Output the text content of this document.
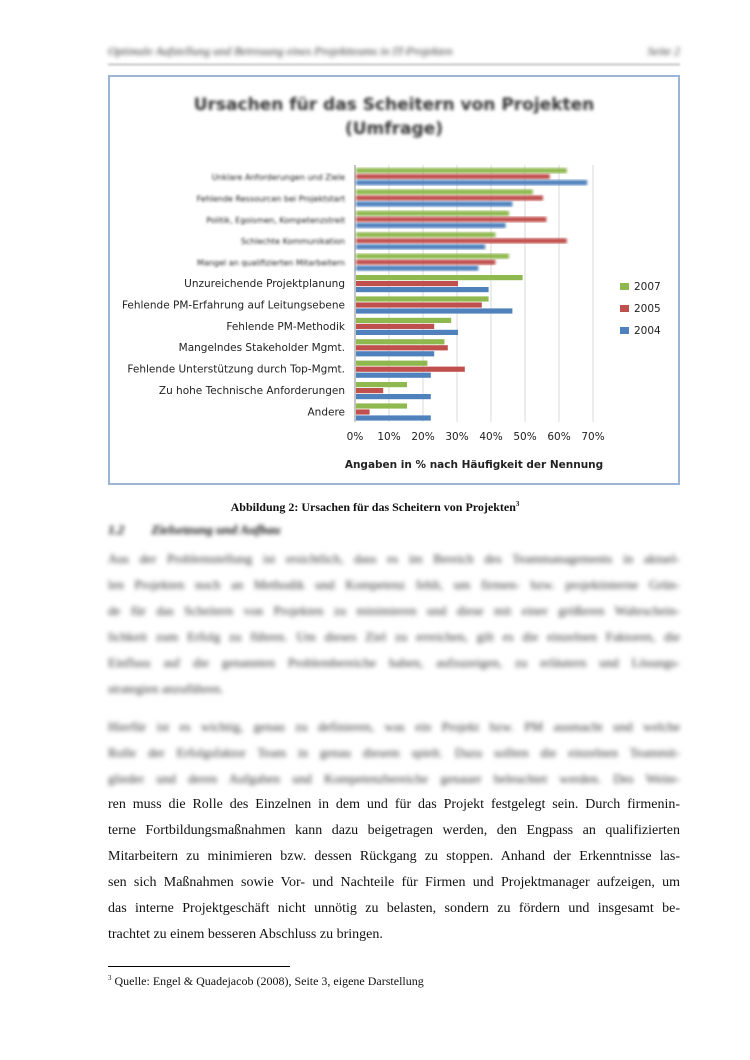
Optimale Aufstellung und Betreuung eines Projektteams in IT-Projekten	Seite 2
Ursachen für das Scheitern von Projekten
(Umfrage)
0% 10% 20% 30% 40% 50% 60% 70%
Unklare Anforderungen und Ziele
Fehlende Ressourcen bei Projektstart
Politik, Egoismen, Kompetenzstreit
Schlechte Kommunikation
Mangel an qualifizierten Mitarbeitern
Unzureichende Projektplanung
Fehlende PM-Erfahrung auf Leitungsebene
Fehlende PM-Methodik
Mangelndes Stakeholder Mgmt.
Fehlende Unterstützung durch Top-Mgmt.
Zu hohe Technische Anforderungen
Andere
Angaben in % nach Häufigkeit der Nennung
2007
2005
2004
Abbildung 2: Ursachen für das Scheitern von Projekten$^3$
1.2 Zielsetzung und Aufbau
Aus der Problemstellung ist ersichtlich, dass es im Bereich des Teammanagements in aktuel-
len Projekten noch an Methodik und Kompetenz fehlt, um firmen- bzw. projektinterne Grün-
de für das Scheitern von Projekten zu minimieren und diese mit einer größeren Wahrschein-
lichkeit zum Erfolg zu führen. Um dieses Ziel zu erreichen, gilt es die einzelnen Faktoren, die
Einfluss auf die genannten Problembereiche haben, aufzuzeigen, zu erläutern und Lösungs-
strategien anzuführen.
Hierfür ist es wichtig, genau zu definieren, was ein Projekt bzw. PM ausmacht und welche
Rolle der Erfolgsfaktor Team in genau diesem spielt. Dazu sollten die einzelnen Teammit-
glieder und deren Aufgaben und Kompetenzbereiche genauer beleuchtet werden. Des Weite-
ren muss die Rolle des Einzelnen in dem und für das Projekt festgelegt sein. Durch firmenin-
terne Fortbildungsmaßnahmen kann dazu beigetragen werden, den Engpass an qualifizierten
Mitarbeitern zu minimieren bzw. dessen Rückgang zu stoppen. Anhand der Erkenntnisse las-
sen sich Maßnahmen sowie Vor- und Nachteile für Firmen und Projektmanager aufzeigen, um
das interne Projektgeschäft nicht unnötig zu belasten, sondern zu fördern und insgesamt be-
trachtet zu einem besseren Abschluss zu bringen.
$^3$ Quelle: Engel & Quadejacob (2008), Seite 3, eigene Darstellung
